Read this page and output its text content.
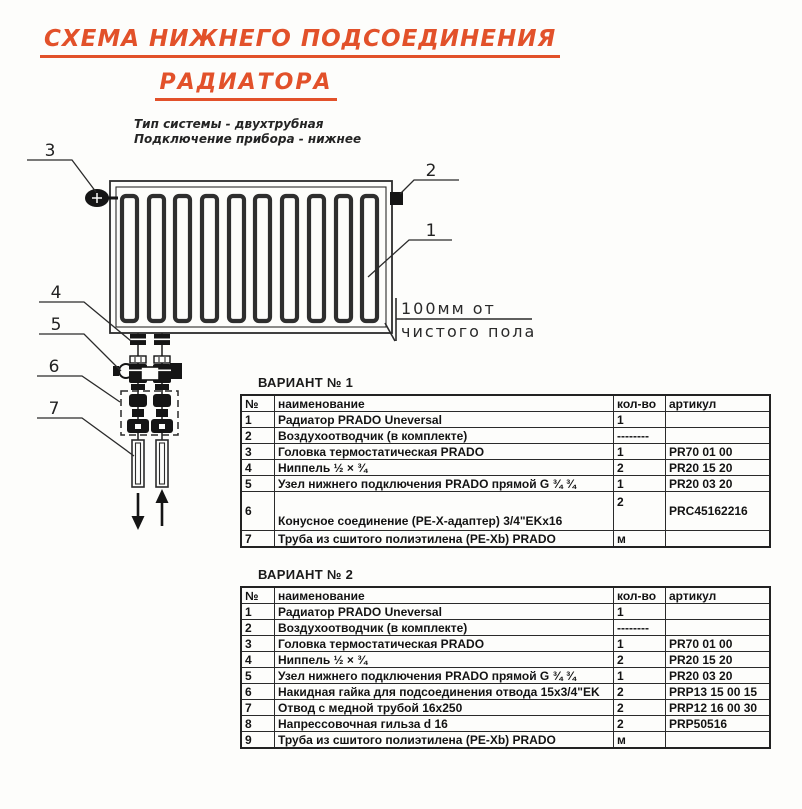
СХЕМА НИЖНЕГО ПОДСОЕДИНЕНИЯ
РАДИАТОРА
Тип системы - двухтрубная
Подключение прибора - нижнее
100мм от
чистого пола
1
2
3
4
5
6
7
ВАРИАНТ № 1
№	наименование	кол-во	артикул
1	Радиатор PRADO Uneversal	1	
2	Воздухоотводчик (в комплекте)	--------	
3	Головка термостатическая PRADO	1	PR70 01 00
4	Ниппель ½ × ¾	2	PR20 15 20
5	Узел нижнего подключения PRADO прямой G ¾ ¾	1	PR20 03 20
6	Конусное соединение (PE-X-адаптер) 3/4"EKx16	2	PRC45162216
7	Труба из сшитого полиэтилена (PE-Xb) PRADO	м	
ВАРИАНТ № 2
№	наименование	кол-во	артикул
1	Радиатор PRADO Uneversal	1	
2	Воздухоотводчик (в комплекте)	--------	
3	Головка термостатическая PRADO	1	PR70 01 00
4	Ниппель ½ × ¾	2	PR20 15 20
5	Узел нижнего подключения PRADO прямой G ¾ ¾	1	PR20 03 20
6	Накидная гайка для подсоединения отвода 15x3/4"EK	2	PRP13 15 00 15
7	Отвод с медной трубой 16x250	2	PRP12 16 00 30
8	Напрессовочная гильза d 16	2	PRP50516
9	Труба из сшитого полиэтилена (PE-Xb) PRADO	м	
